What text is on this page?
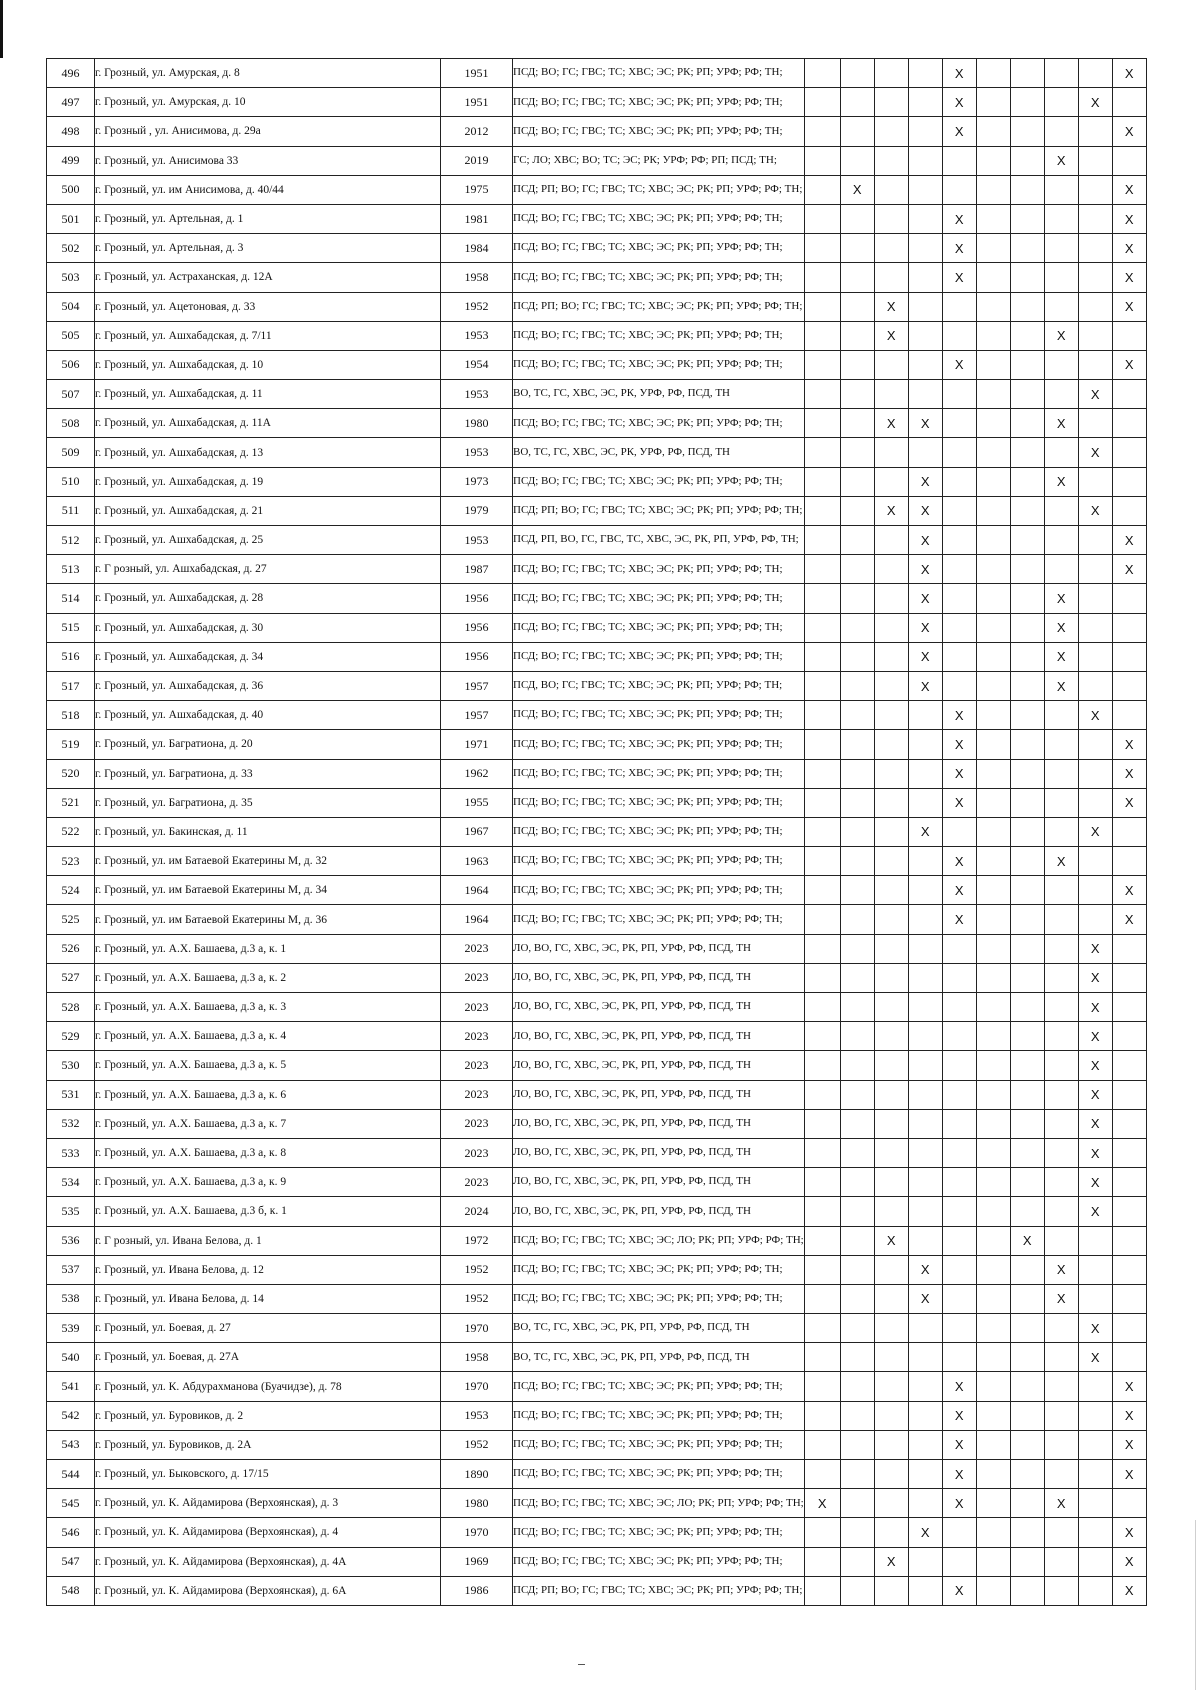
496	г. Грозный, ул. Амурская, д. 8	1951	ПСД; ВО; ГС; ГВС; ТС; ХВС; ЭС; РК; РП; УРФ; РФ; ТН;					X					X
497	г. Грозный, ул. Амурская, д. 10	1951	ПСД; ВО; ГС; ГВС; ТС; ХВС; ЭС; РК; РП; УРФ; РФ; ТН;					X				X	
498	г. Грозный , ул. Анисимова, д. 29а	2012	ПСД; ВО; ГС; ГВС; ТС; ХВС; ЭС; РК; РП; УРФ; РФ; ТН;					X					X
499	г. Грозный, ул. Анисимова 33	2019	ГС; ЛО; ХВС; ВО; ТС; ЭС; РК; УРФ; РФ; РП; ПСД; ТН;								X		
500	г. Грозный, ул. им Анисимова, д. 40/44	1975	ПСД; РП; ВО; ГС; ГВС; ТС; ХВС; ЭС; РК; РП; УРФ; РФ; ТН;		X								X
501	г. Грозный, ул. Артельная, д. 1	1981	ПСД; ВО; ГС; ГВС; ТС; ХВС; ЭС; РК; РП; УРФ; РФ; ТН;					X					X
502	г. Грозный, ул. Артельная, д. 3	1984	ПСД; ВО; ГС; ГВС; ТС; ХВС; ЭС; РК; РП; УРФ; РФ; ТН;					X					X
503	г. Грозный, ул. Астраханская, д. 12А	1958	ПСД; ВО; ГС; ГВС; ТС; ХВС; ЭС; РК; РП; УРФ; РФ; ТН;					X					X
504	г. Грозный, ул. Ацетоновая, д. 33	1952	ПСД; РП; ВО; ГС; ГВС; ТС; ХВС; ЭС; РК; РП; УРФ; РФ; ТН;			X							X
505	г. Грозный, ул. Ашхабадская, д. 7/11	1953	ПСД; ВО; ГС; ГВС; ТС; ХВС; ЭС; РК; РП; УРФ; РФ; ТН;			X					X		
506	г. Грозный, ул. Ашхабадская, д. 10	1954	ПСД; ВО; ГС; ГВС; ТС; ХВС; ЭС; РК; РП; УРФ; РФ; ТН;					X					X
507	г. Грозный, ул. Ашхабадская, д. 11	1953	ВО, ТС, ГС, ХВС, ЭС, РК, УРФ, РФ, ПСД, ТН									X	
508	г. Грозный, ул. Ашхабадская, д. 11А	1980	ПСД; ВО; ГС; ГВС; ТС; ХВС; ЭС; РК; РП; УРФ; РФ; ТН;			X	X				X		
509	г. Грозный, ул. Ашхабадская, д. 13	1953	ВО, ТС, ГС, ХВС, ЭС, РК, УРФ, РФ, ПСД, ТН									X	
510	г. Грозный, ул. Ашхабадская, д. 19	1973	ПСД; ВО; ГС; ГВС; ТС; ХВС; ЭС; РК; РП; УРФ; РФ; ТН;				X				X		
511	г. Грозный, ул. Ашхабадская, д. 21	1979	ПСД; РП; ВО; ГС; ГВС; ТС; ХВС; ЭС; РК; РП; УРФ; РФ; ТН;			X	X					X	
512	г. Грозный, ул. Ашхабадская, д. 25	1953	ПСД, РП, ВО, ГС, ГВС, ТС, ХВС, ЭС, РК, РП, УРФ, РФ, ТН;				X						X
513	г. Г розный, ул. Ашхабадская, д. 27	1987	ПСД; ВО; ГС; ГВС; ТС; ХВС; ЭС; РК; РП; УРФ; РФ; ТН;				X						X
514	г. Грозный, ул. Ашхабадская, д. 28	1956	ПСД; ВО; ГС; ГВС; ТС; ХВС; ЭС; РК; РП; УРФ; РФ; ТН;				X				X		
515	г. Грозный, ул. Ашхабадская, д. 30	1956	ПСД; ВО; ГС; ГВС; ТС; ХВС; ЭС; РК; РП; УРФ; РФ; ТН;				X				X		
516	г. Грозный, ул. Ашхабадская, д. 34	1956	ПСД; ВО; ГС; ГВС; ТС; ХВС; ЭС; РК; РП; УРФ; РФ; ТН;				X				X		
517	г. Грозный, ул. Ашхабадская, д. 36	1957	ПСД, ВО; ГС; ГВС; ТС; ХВС; ЭС; РК; РП; УРФ; РФ; ТН;				X				X		
518	г. Грозный, ул. Ашхабадская, д. 40	1957	ПСД; ВО; ГС; ГВС; ТС; ХВС; ЭС; РК; РП; УРФ; РФ; ТН;					X				X	
519	г. Грозный, ул. Багратиона, д. 20	1971	ПСД; ВО; ГС; ГВС; ТС; ХВС; ЭС; РК; РП; УРФ; РФ; ТН;					X					X
520	г. Грозный, ул. Багратиона, д. 33	1962	ПСД; ВО; ГС; ГВС; ТС; ХВС; ЭС; РК; РП; УРФ; РФ; ТН;					X					X
521	г. Грозный, ул. Багратиона, д. 35	1955	ПСД; ВО; ГС; ГВС; ТС; ХВС; ЭС; РК; РП; УРФ; РФ; ТН;					X					X
522	г. Грозный, ул. Бакинская, д. 11	1967	ПСД; ВО; ГС; ГВС; ТС; ХВС; ЭС; РК; РП; УРФ; РФ; ТН;				X					X	
523	г. Грозный, ул. им Батаевой Екатерины М, д. 32	1963	ПСД; ВО; ГС; ГВС; ТС; ХВС; ЭС; РК; РП; УРФ; РФ; ТН;					X			X		
524	г. Грозный, ул. им Батаевой Екатерины М, д. 34	1964	ПСД; ВО; ГС; ГВС; ТС; ХВС; ЭС; РК; РП; УРФ; РФ; ТН;					X					X
525	г. Грозный, ул. им Батаевой Екатерины М, д. 36	1964	ПСД; ВО; ГС; ГВС; ТС; ХВС; ЭС; РК; РП; УРФ; РФ; ТН;					X					X
526	г. Грозный, ул. А.Х. Башаева, д.3 а, к. 1	2023	ЛО, ВО, ГС, ХВС, ЭС, РК, РП, УРФ, РФ, ПСД, ТН									X	
527	г. Грозный, ул. А.Х. Башаева, д.3 а, к. 2	2023	ЛО, ВО, ГС, ХВС, ЭС, РК, РП, УРФ, РФ, ПСД, ТН									X	
528	г. Грозный, ул. А.Х. Башаева, д.3 а, к. 3	2023	ЛО, ВО, ГС, ХВС, ЭС, РК, РП, УРФ, РФ, ПСД, ТН									X	
529	г. Грозный, ул. А.Х. Башаева, д.3 а, к. 4	2023	ЛО, ВО, ГС, ХВС, ЭС, РК, РП, УРФ, РФ, ПСД, ТН									X	
530	г. Грозный, ул. А.Х. Башаева, д.3 а, к. 5	2023	ЛО, ВО, ГС, ХВС, ЭС, РК, РП, УРФ, РФ, ПСД, ТН									X	
531	г. Грозный, ул. А.Х. Башаева, д.3 а, к. 6	2023	ЛО, ВО, ГС, ХВС, ЭС, РК, РП, УРФ, РФ, ПСД, ТН									X	
532	г. Грозный, ул. А.Х. Башаева, д.3 а, к. 7	2023	ЛО, ВО, ГС, ХВС, ЭС, РК, РП, УРФ, РФ, ПСД, ТН									X	
533	г. Грозный, ул. А.Х. Башаева, д.3 а, к. 8	2023	ЛО, ВО, ГС, ХВС, ЭС, РК, РП, УРФ, РФ, ПСД, ТН									X	
534	г. Грозный, ул. А.Х. Башаева, д.3 а, к. 9	2023	ЛО, ВО, ГС, ХВС, ЭС, РК, РП, УРФ, РФ, ПСД, ТН									X	
535	г. Грозный, ул. А.Х. Башаева, д.3 б, к. 1	2024	ЛО, ВО, ГС, ХВС, ЭС, РК, РП, УРФ, РФ, ПСД, ТН									X	
536	г. Г розный, ул. Ивана Белова, д. 1	1972	ПСД; ВО; ГС; ГВС; ТС; ХВС; ЭС; ЛО; РК; РП; УРФ; РФ; ТН;			X				X			
537	г. Грозный, ул. Ивана Белова, д. 12	1952	ПСД; ВО; ГС; ГВС; ТС; ХВС; ЭС; РК; РП; УРФ; РФ; ТН;				X				X		
538	г. Грозный, ул. Ивана Белова, д. 14	1952	ПСД; ВО; ГС; ГВС; ТС; ХВС; ЭС; РК; РП; УРФ; РФ; ТН;				X				X		
539	г. Грозный, ул. Боевая, д. 27	1970	ВО, ТС, ГС, ХВС, ЭС, РК, РП, УРФ, РФ, ПСД, ТН									X	
540	г. Грозный, ул. Боевая, д. 27А	1958	ВО, ТС, ГС, ХВС, ЭС, РК, РП, УРФ, РФ, ПСД, ТН									X	
541	г. Грозный, ул. К. Абдурахманова (Буачидзе), д. 78	1970	ПСД; ВО; ГС; ГВС; ТС; ХВС; ЭС; РК; РП; УРФ; РФ; ТН;					X					X
542	г. Грозный, ул. Буровиков, д. 2	1953	ПСД; ВО; ГС; ГВС; ТС; ХВС; ЭС; РК; РП; УРФ; РФ; ТН;					X					X
543	г. Грозный, ул. Буровиков, д. 2А	1952	ПСД; ВО; ГС; ГВС; ТС; ХВС; ЭС; РК; РП; УРФ; РФ; ТН;					X					X
544	г. Грозный, ул. Быковского, д. 17/15	1890	ПСД; ВО; ГС; ГВС; ТС; ХВС; ЭС; РК; РП; УРФ; РФ; ТН;					X					X
545	г. Грозный, ул. К. Айдамирова (Верхоянская), д. 3	1980	ПСД; ВО; ГС; ГВС; ТС; ХВС; ЭС; ЛО; РК; РП; УРФ; РФ; ТН;	X				X			X		
546	г. Грозный, ул. К. Айдамирова (Верхоянская), д. 4	1970	ПСД; ВО; ГС; ГВС; ТС; ХВС; ЭС; РК; РП; УРФ; РФ; ТН;				X						X
547	г. Грозный, ул. К. Айдамирова (Верхоянская), д. 4А	1969	ПСД; ВО; ГС; ГВС; ТС; ХВС; ЭС; РК; РП; УРФ; РФ; ТН;			X							X
548	г. Грозный, ул. К. Айдамирова (Верхоянская), д. 6А	1986	ПСД; РП; ВО; ГС; ГВС; ТС; ХВС; ЭС; РК; РП; УРФ; РФ; ТН;					X					X
